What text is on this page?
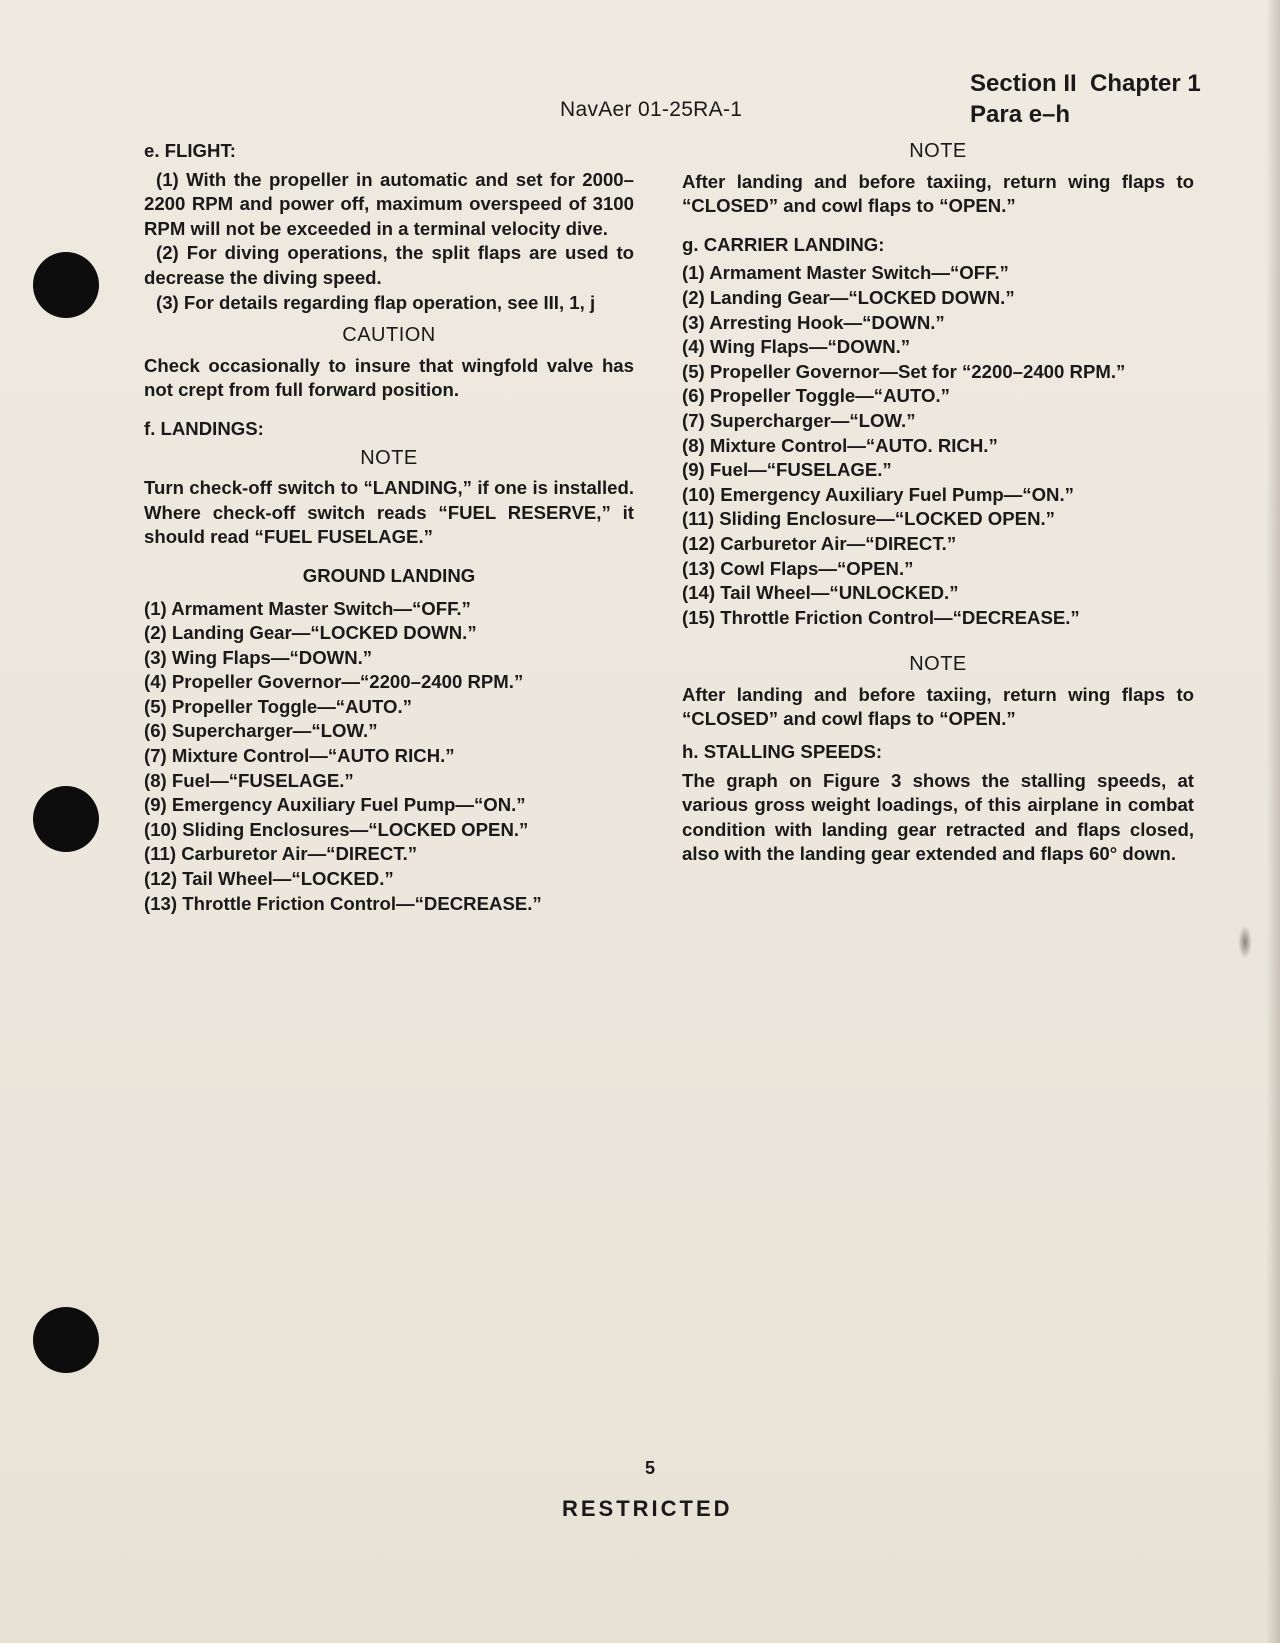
NavAer 01-25RA-1
Section II Chapter 1
Para e–h
e. FLIGHT:
(1) With the propeller in automatic and set for 2000–2200 RPM and power off, maximum overspeed of 3100 RPM will not be exceeded in a terminal velocity dive.
(2) For diving operations, the split flaps are used to decrease the diving speed.
(3) For details regarding flap operation, see III, 1, j
CAUTION
Check occasionally to insure that wingfold valve has not crept from full forward position.
f. LANDINGS:
NOTE
Turn check-off switch to “LANDING,” if one is installed. Where check-off switch reads “FUEL RESERVE,” it should read “FUEL FUSELAGE.”
GROUND LANDING
(1) Armament Master Switch—“OFF.”
(2) Landing Gear—“LOCKED DOWN.”
(3) Wing Flaps—“DOWN.”
(4) Propeller Governor—“2200–2400 RPM.”
(5) Propeller Toggle—“AUTO.”
(6) Supercharger—“LOW.”
(7) Mixture Control—“AUTO RICH.”
(8) Fuel—“FUSELAGE.”
(9) Emergency Auxiliary Fuel Pump—“ON.”
(10) Sliding Enclosures—“LOCKED OPEN.”
(11) Carburetor Air—“DIRECT.”
(12) Tail Wheel—“LOCKED.”
(13) Throttle Friction Control—“DECREASE.”
NOTE
After landing and before taxiing, return wing flaps to “CLOSED” and cowl flaps to “OPEN.”
g. CARRIER LANDING:
(1) Armament Master Switch—“OFF.”
(2) Landing Gear—“LOCKED DOWN.”
(3) Arresting Hook—“DOWN.”
(4) Wing Flaps—“DOWN.”
(5) Propeller Governor—Set for “2200–2400 RPM.”
(6) Propeller Toggle—“AUTO.”
(7) Supercharger—“LOW.”
(8) Mixture Control—“AUTO. RICH.”
(9) Fuel—“FUSELAGE.”
(10) Emergency Auxiliary Fuel Pump—“ON.”
(11) Sliding Enclosure—“LOCKED OPEN.”
(12) Carburetor Air—“DIRECT.”
(13) Cowl Flaps—“OPEN.”
(14) Tail Wheel—“UNLOCKED.”
(15) Throttle Friction Control—“DECREASE.”
NOTE
After landing and before taxiing, return wing flaps to “CLOSED” and cowl flaps to “OPEN.”
h. STALLING SPEEDS:
The graph on Figure 3 shows the stalling speeds, at various gross weight loadings, of this airplane in combat condition with landing gear retracted and flaps closed, also with the landing gear extended and flaps 60° down.
5
RESTRICTED
